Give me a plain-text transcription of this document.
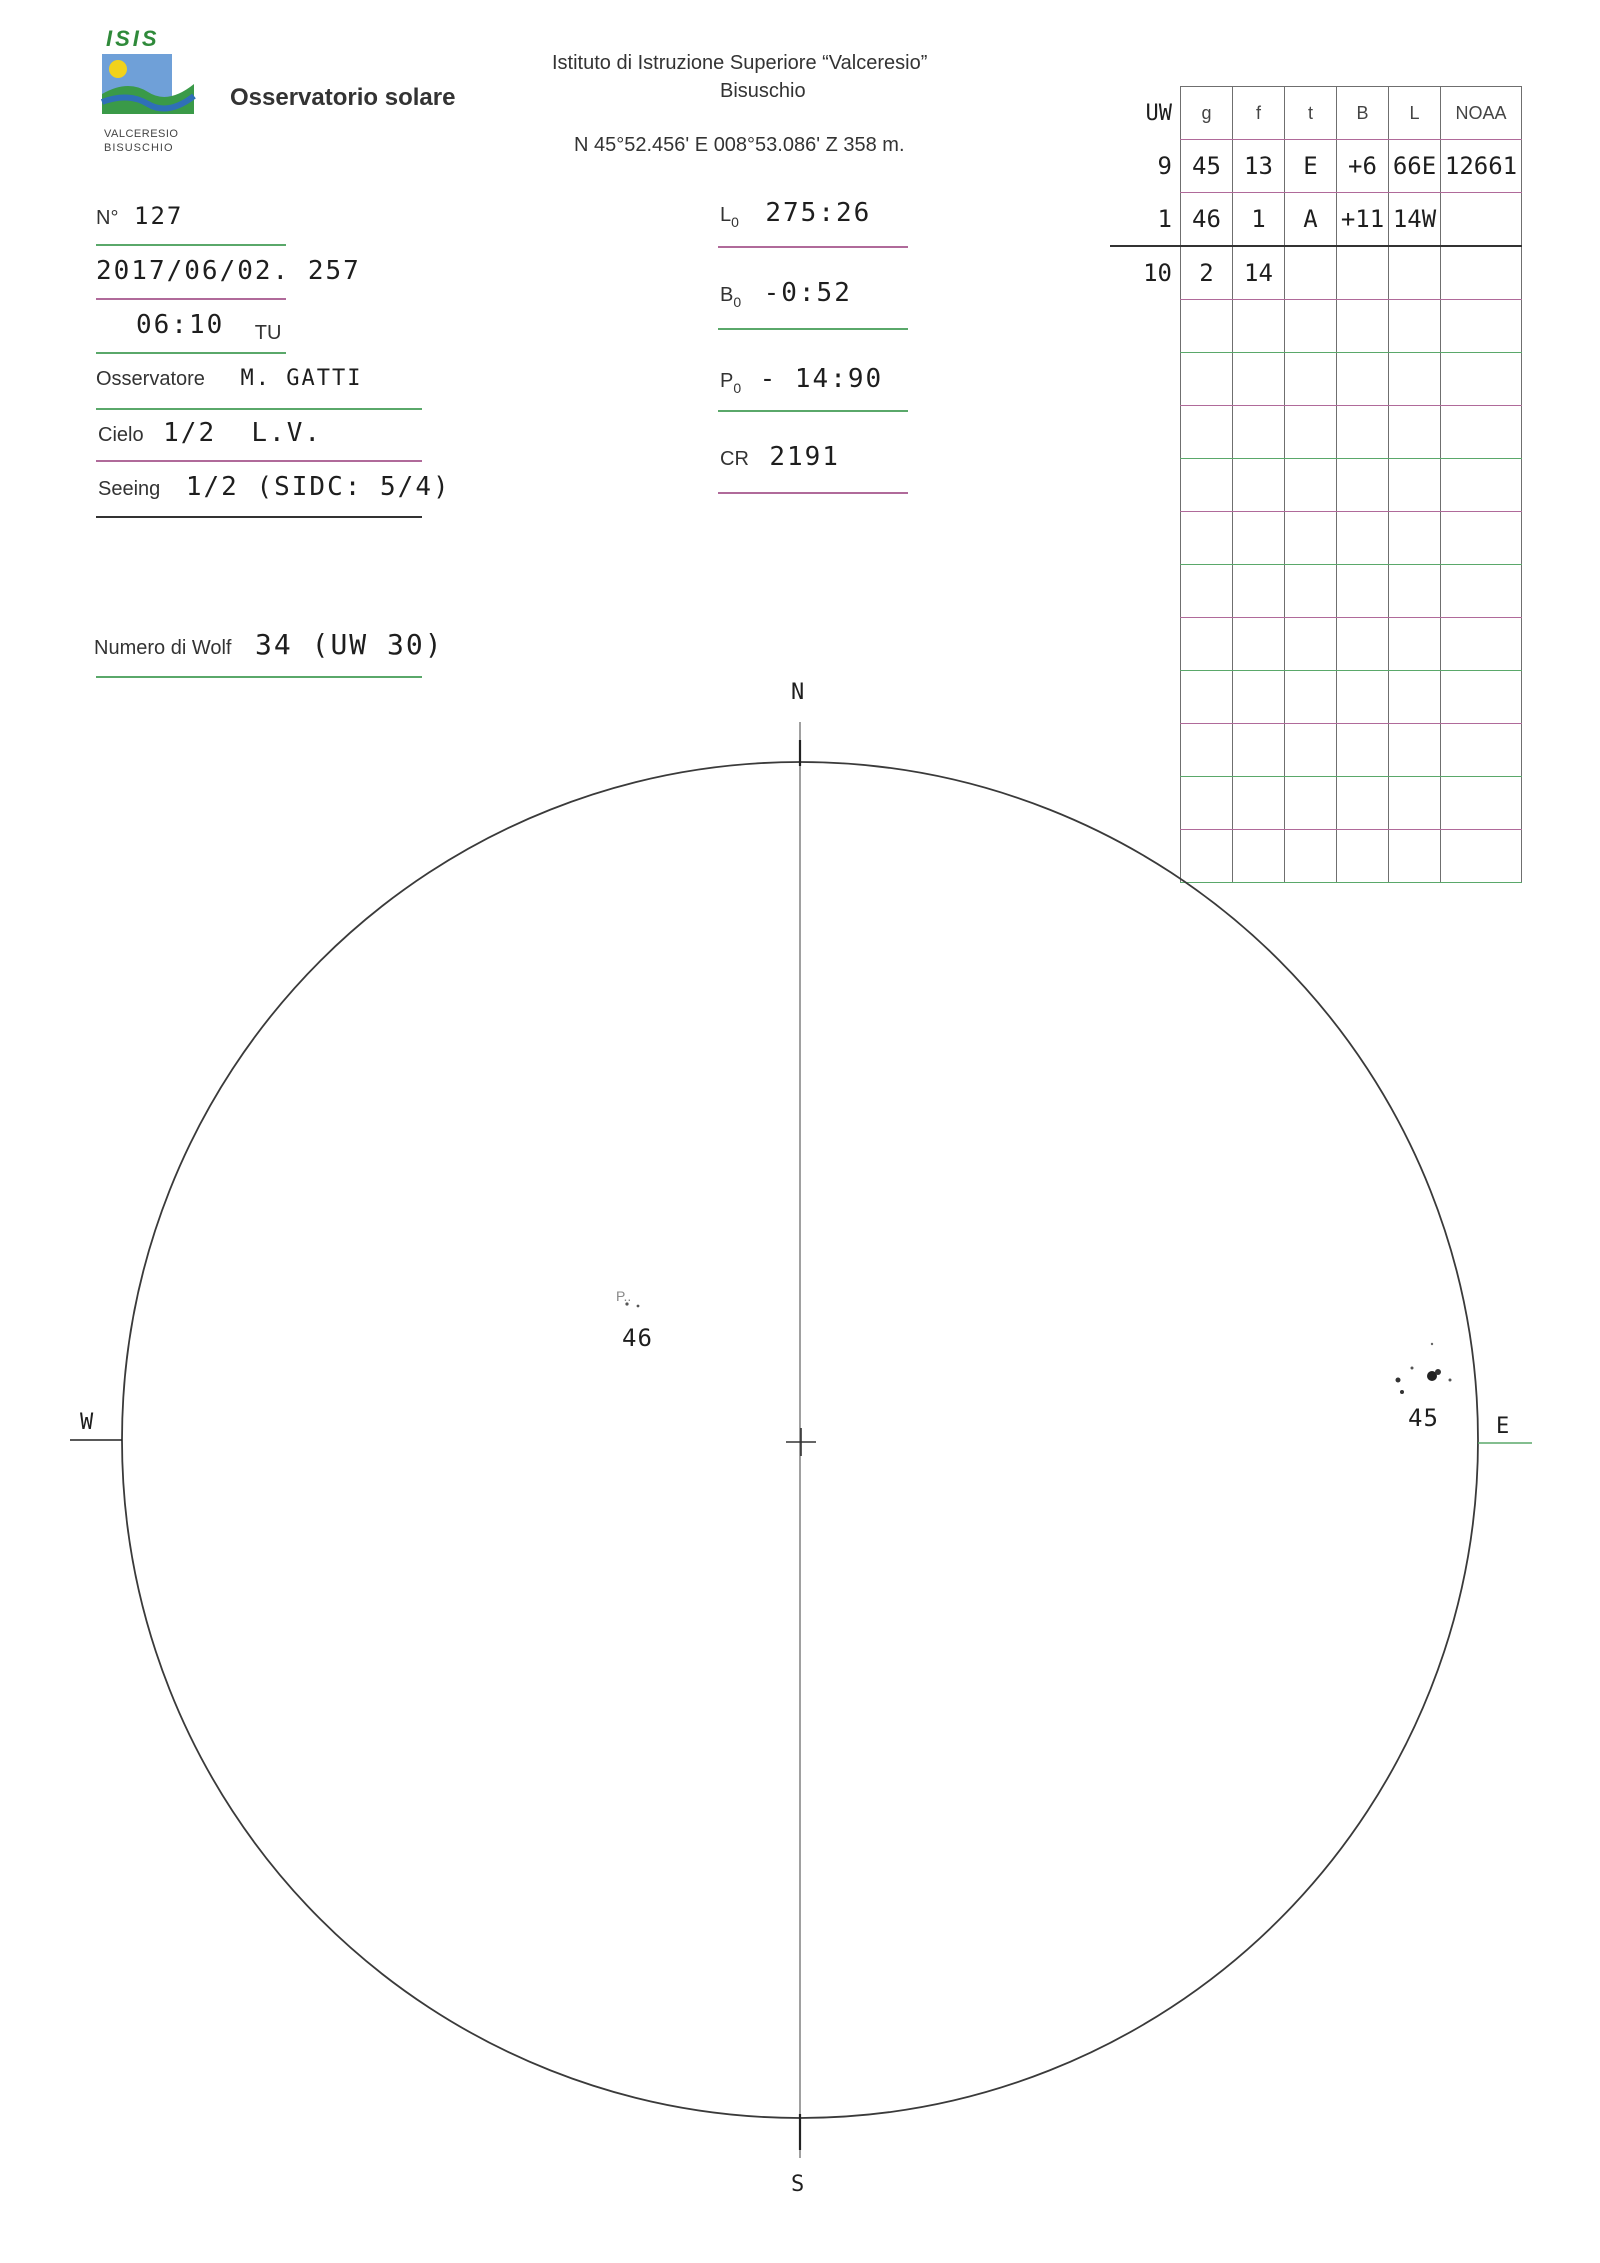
ISIS
VALCERESIO
BISUSCHIO
Osservatorio solare
Istituto di Istruzione Superiore “Valceresio”
Bisuschio
N 45°52.456' E 008°53.086' Z 358 m.
N° 127
2017/06/02. 257
06:10 TU
Osservatore M. GATTI
Cielo 1/2  L.V.
Seeing 1/2 (SIDC: 5/4)
Numero di Wolf 34 (UW 30)
$L_0$ 275:26
$B_0$ -0:52
$P_0$ - 14:90
CR 2191
UW	g	f	t	B	L	NOAA
9	45	13	E	+6	66E	12661
1	46	1	A	+11	14W	
10	2	14				

N
S
W	E
P..
46
45
